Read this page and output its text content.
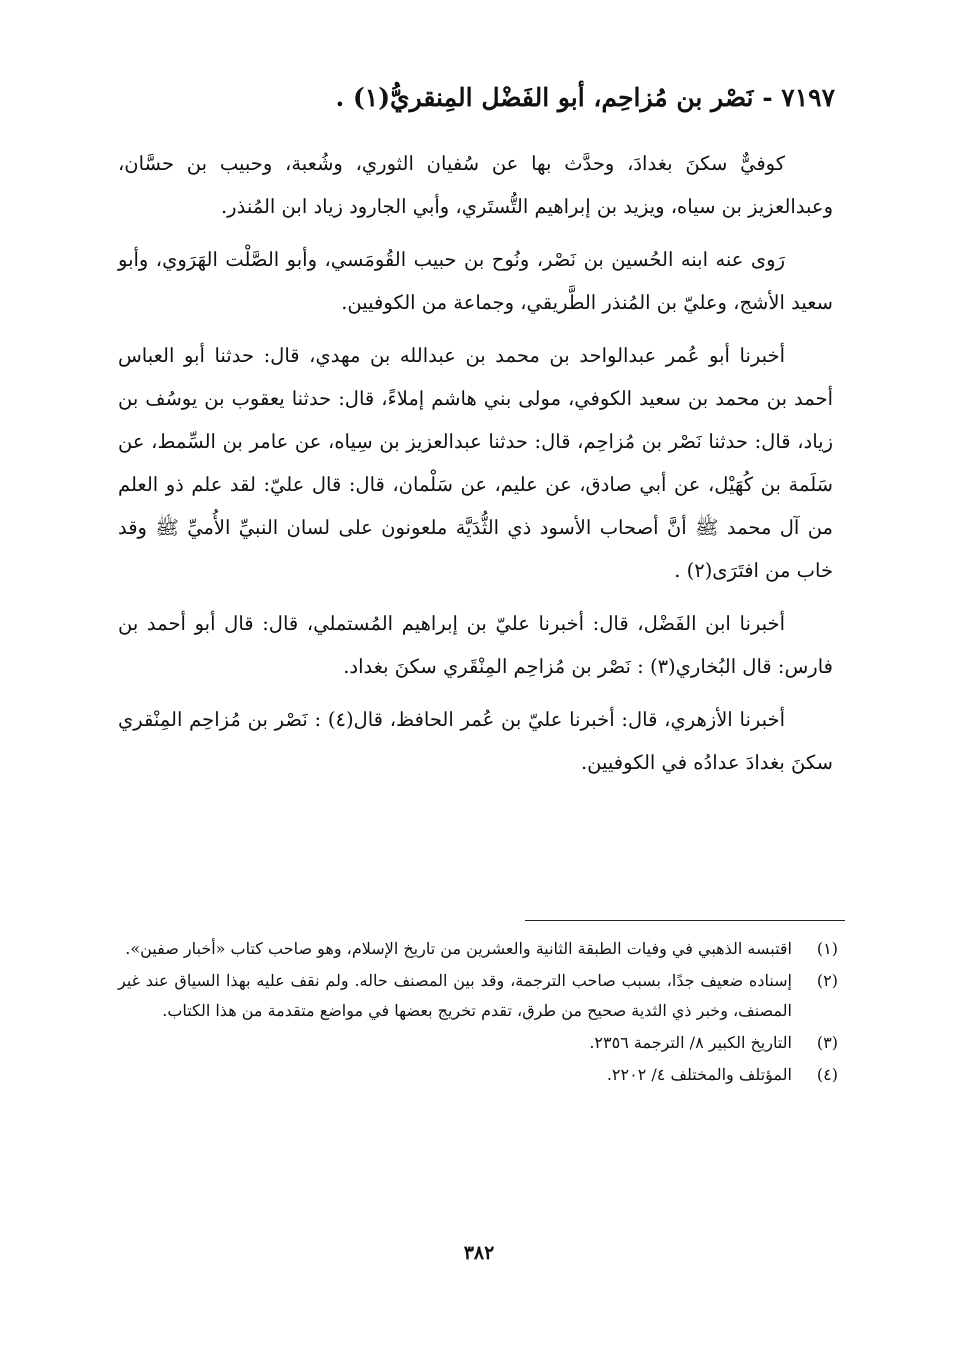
٧١٩٧ - نَصْر بن مُزاحِم، أبو الفَضْل المِنقريُّ(١) .

كوفيٌّ سكنَ بغدادَ، وحدَّث بها عن سُفيان الثوري، وشُعبة، وحبيب بن حسَّان، وعبدالعزيز بن سياه، ويزيد بن إبراهيم التُّستَري، وأبي الجارود زياد ابن المُنذر.

رَوى عنه ابنه الحُسين بن نَصْر، ونُوح بن حبيب القُومَسي، وأبو الصَّلْت الهَرَوي، وأبو سعيد الأشج، وعليّ بن المُنذر الطَّريقي، وجماعة من الكوفيين.

أخبرنا أبو عُمر عبدالواحد بن محمد بن عبدالله بن مهدي، قال: حدثنا أبو العباس أحمد بن محمد بن سعيد الكوفي، مولى بني هاشم إملاءً، قال: حدثنا يعقوب بن يوسُف بن زياد، قال: حدثنا نَصْر بن مُزاحِم، قال: حدثنا عبدالعزيز بن سِياه، عن عامر بن السِّمط، عن سَلَمة بن كُهَيْل، عن أبي صادق، عن عليم، عن سَلْمان، قال: قال عليّ: لقد علم ذو العلم من آل محمد ﷺ أنَّ أصحاب الأسود ذي الثُّدَيَّة ملعونون على لسان النبيِّ الأُميِّ ﷺ وقد خاب من افتَرَى(٢) .

أخبرنا ابن الفَضْل، قال: أخبرنا عليّ بن إبراهيم المُستملي، قال: قال أبو أحمد بن فارس: قال البُخاري(٣) : نَصْر بن مُزاحِم المِنْقَري سكنَ بغداد.

أخبرنا الأزهري، قال: أخبرنا عليّ بن عُمر الحافظ، قال(٤) : نَصْر بن مُزاحِم المِنْقري سكنَ بغدادَ عدادُه في الكوفيين.

(١)
اقتبسه الذهبي في وفيات الطبقة الثانية والعشرين من تاريخ الإسلام، وهو صاحب كتاب «أخبار صفين».
(٢)
إسناده ضعيف جدًا، بسبب صاحب الترجمة، وقد بين المصنف حاله. ولم نقف عليه بهذا السياق عند غير المصنف، وخبر ذي الثدية صحيح من طرق، تقدم تخريج بعضها في مواضع متقدمة من هذا الكتاب.
(٣)
التاريخ الكبير ٨/ الترجمة ٢٣٥٦.
(٤)
المؤتلف والمختلف ٤/ ٢٢٠٢.
٣٨٢
